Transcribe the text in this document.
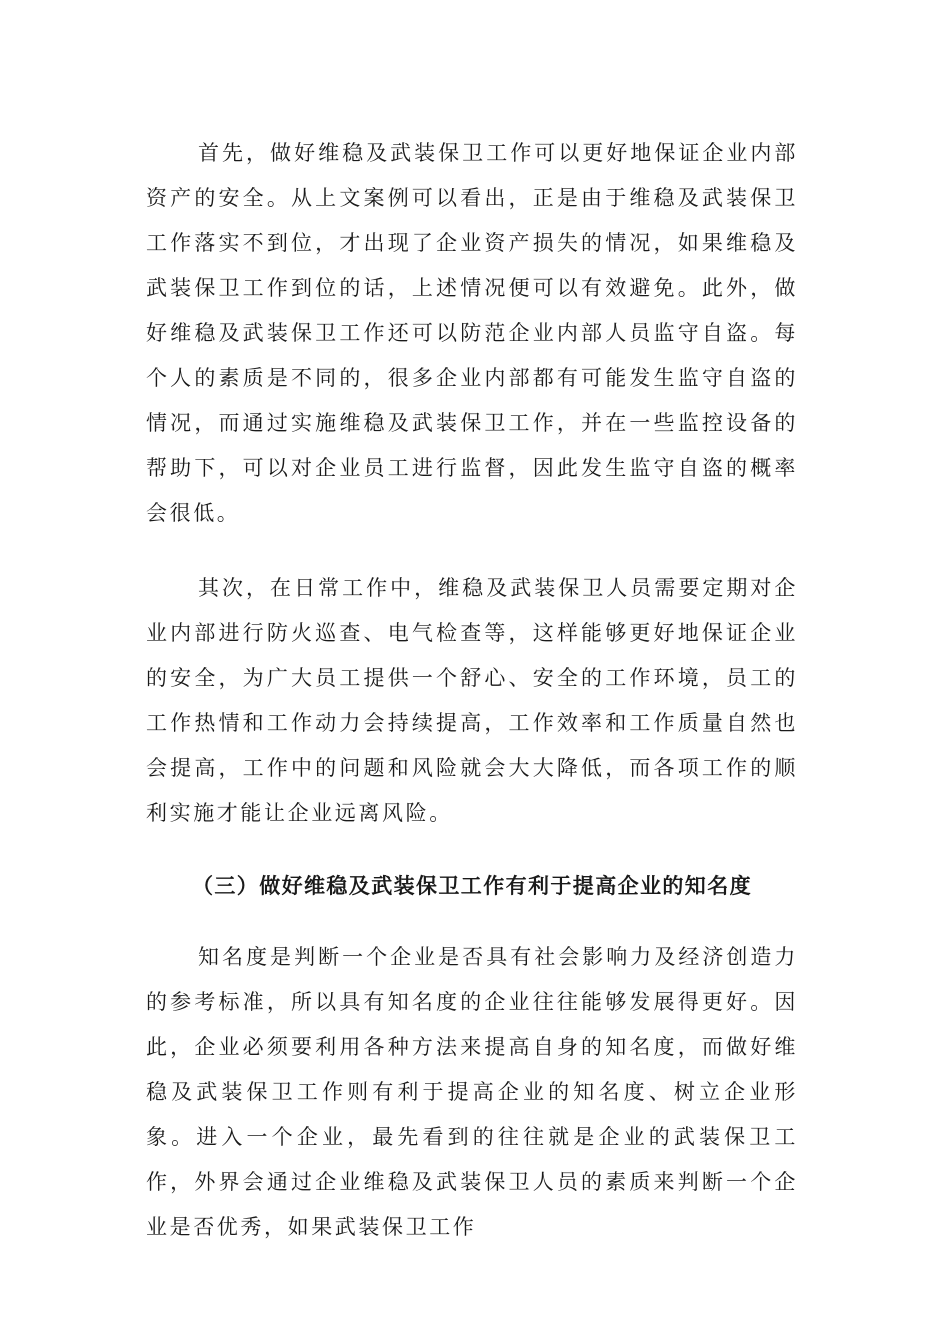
首先，做好维稳及武装保卫工作可以更好地保证企业内部资产的安全。从上文案例可以看出，正是由于维稳及武装保卫工作落实不到位，才出现了企业资产损失的情况，如果维稳及武装保卫工作到位的话，上述情况便可以有效避免。此外，做好维稳及武装保卫工作还可以防范企业内部人员监守自盗。每个人的素质是不同的，很多企业内部都有可能发生监守自盗的情况，而通过实施维稳及武装保卫工作，并在一些监控设备的帮助下，可以对企业员工进行监督，因此发生监守自盗的概率会很低。

其次，在日常工作中，维稳及武装保卫人员需要定期对企业内部进行防火巡查、电气检查等，这样能够更好地保证企业的安全，为广大员工提供一个舒心、安全的工作环境，员工的工作热情和工作动力会持续提高，工作效率和工作质量自然也会提高，工作中的问题和风险就会大大降低，而各项工作的顺利实施才能让企业远离风险。

（三）做好维稳及武装保卫工作有利于提高企业的知名度

知名度是判断一个企业是否具有社会影响力及经济创造力的参考标准，所以具有知名度的企业往往能够发展得更好。因此，企业必须要利用各种方法来提高自身的知名度，而做好维稳及武装保卫工作则有利于提高企业的知名度、树立企业形象。进入一个企业，最先看到的往往就是企业的武装保卫工作，外界会通过企业维稳及武装保卫人员的素质来判断一个企业是否优秀，如果武装保卫工作
